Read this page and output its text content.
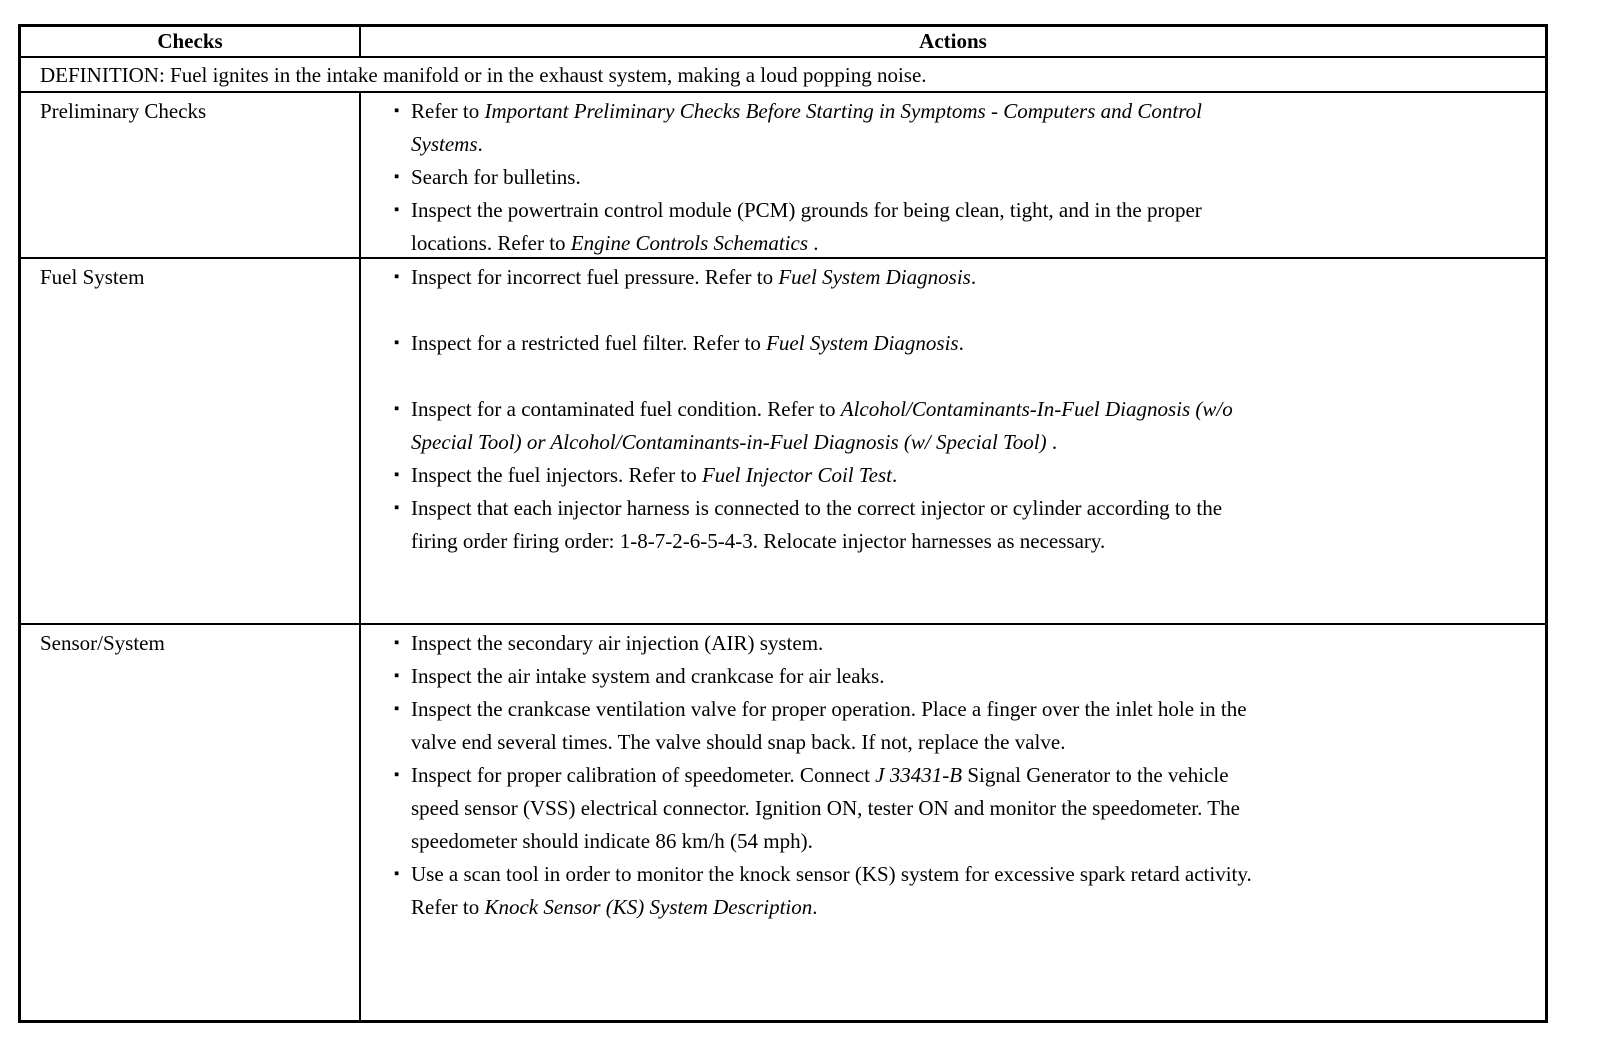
Checks	Actions
DEFINITION: Fuel ignites in the intake manifold or in the exhaust system, making a loud popping noise.
Preliminary Checks	▪ Refer to Important Preliminary Checks Before Starting in Symptoms - Computers and Control Systems.
▪ Search for bulletins.
▪ Inspect the powertrain control module (PCM) grounds for being clean, tight, and in the proper locations. Refer to Engine Controls Schematics .
Fuel System	▪ Inspect for incorrect fuel pressure. Refer to Fuel System Diagnosis.
▪ Inspect for a restricted fuel filter. Refer to Fuel System Diagnosis.
▪ Inspect for a contaminated fuel condition. Refer to Alcohol/Contaminants-In-Fuel Diagnosis (w/o Special Tool) or Alcohol/Contaminants-in-Fuel Diagnosis (w/ Special Tool) .
▪ Inspect the fuel injectors. Refer to Fuel Injector Coil Test.
▪ Inspect that each injector harness is connected to the correct injector or cylinder according to the firing order firing order: 1-8-7-2-6-5-4-3. Relocate injector harnesses as necessary.
Sensor/System	▪ Inspect the secondary air injection (AIR) system.
▪ Inspect the air intake system and crankcase for air leaks.
▪ Inspect the crankcase ventilation valve for proper operation. Place a finger over the inlet hole in the valve end several times. The valve should snap back. If not, replace the valve.
▪ Inspect for proper calibration of speedometer. Connect J 33431-B Signal Generator to the vehicle speed sensor (VSS) electrical connector. Ignition ON, tester ON and monitor the speedometer. The speedometer should indicate 86 km/h (54 mph).
▪ Use a scan tool in order to monitor the knock sensor (KS) system for excessive spark retard activity. Refer to Knock Sensor (KS) System Description.
